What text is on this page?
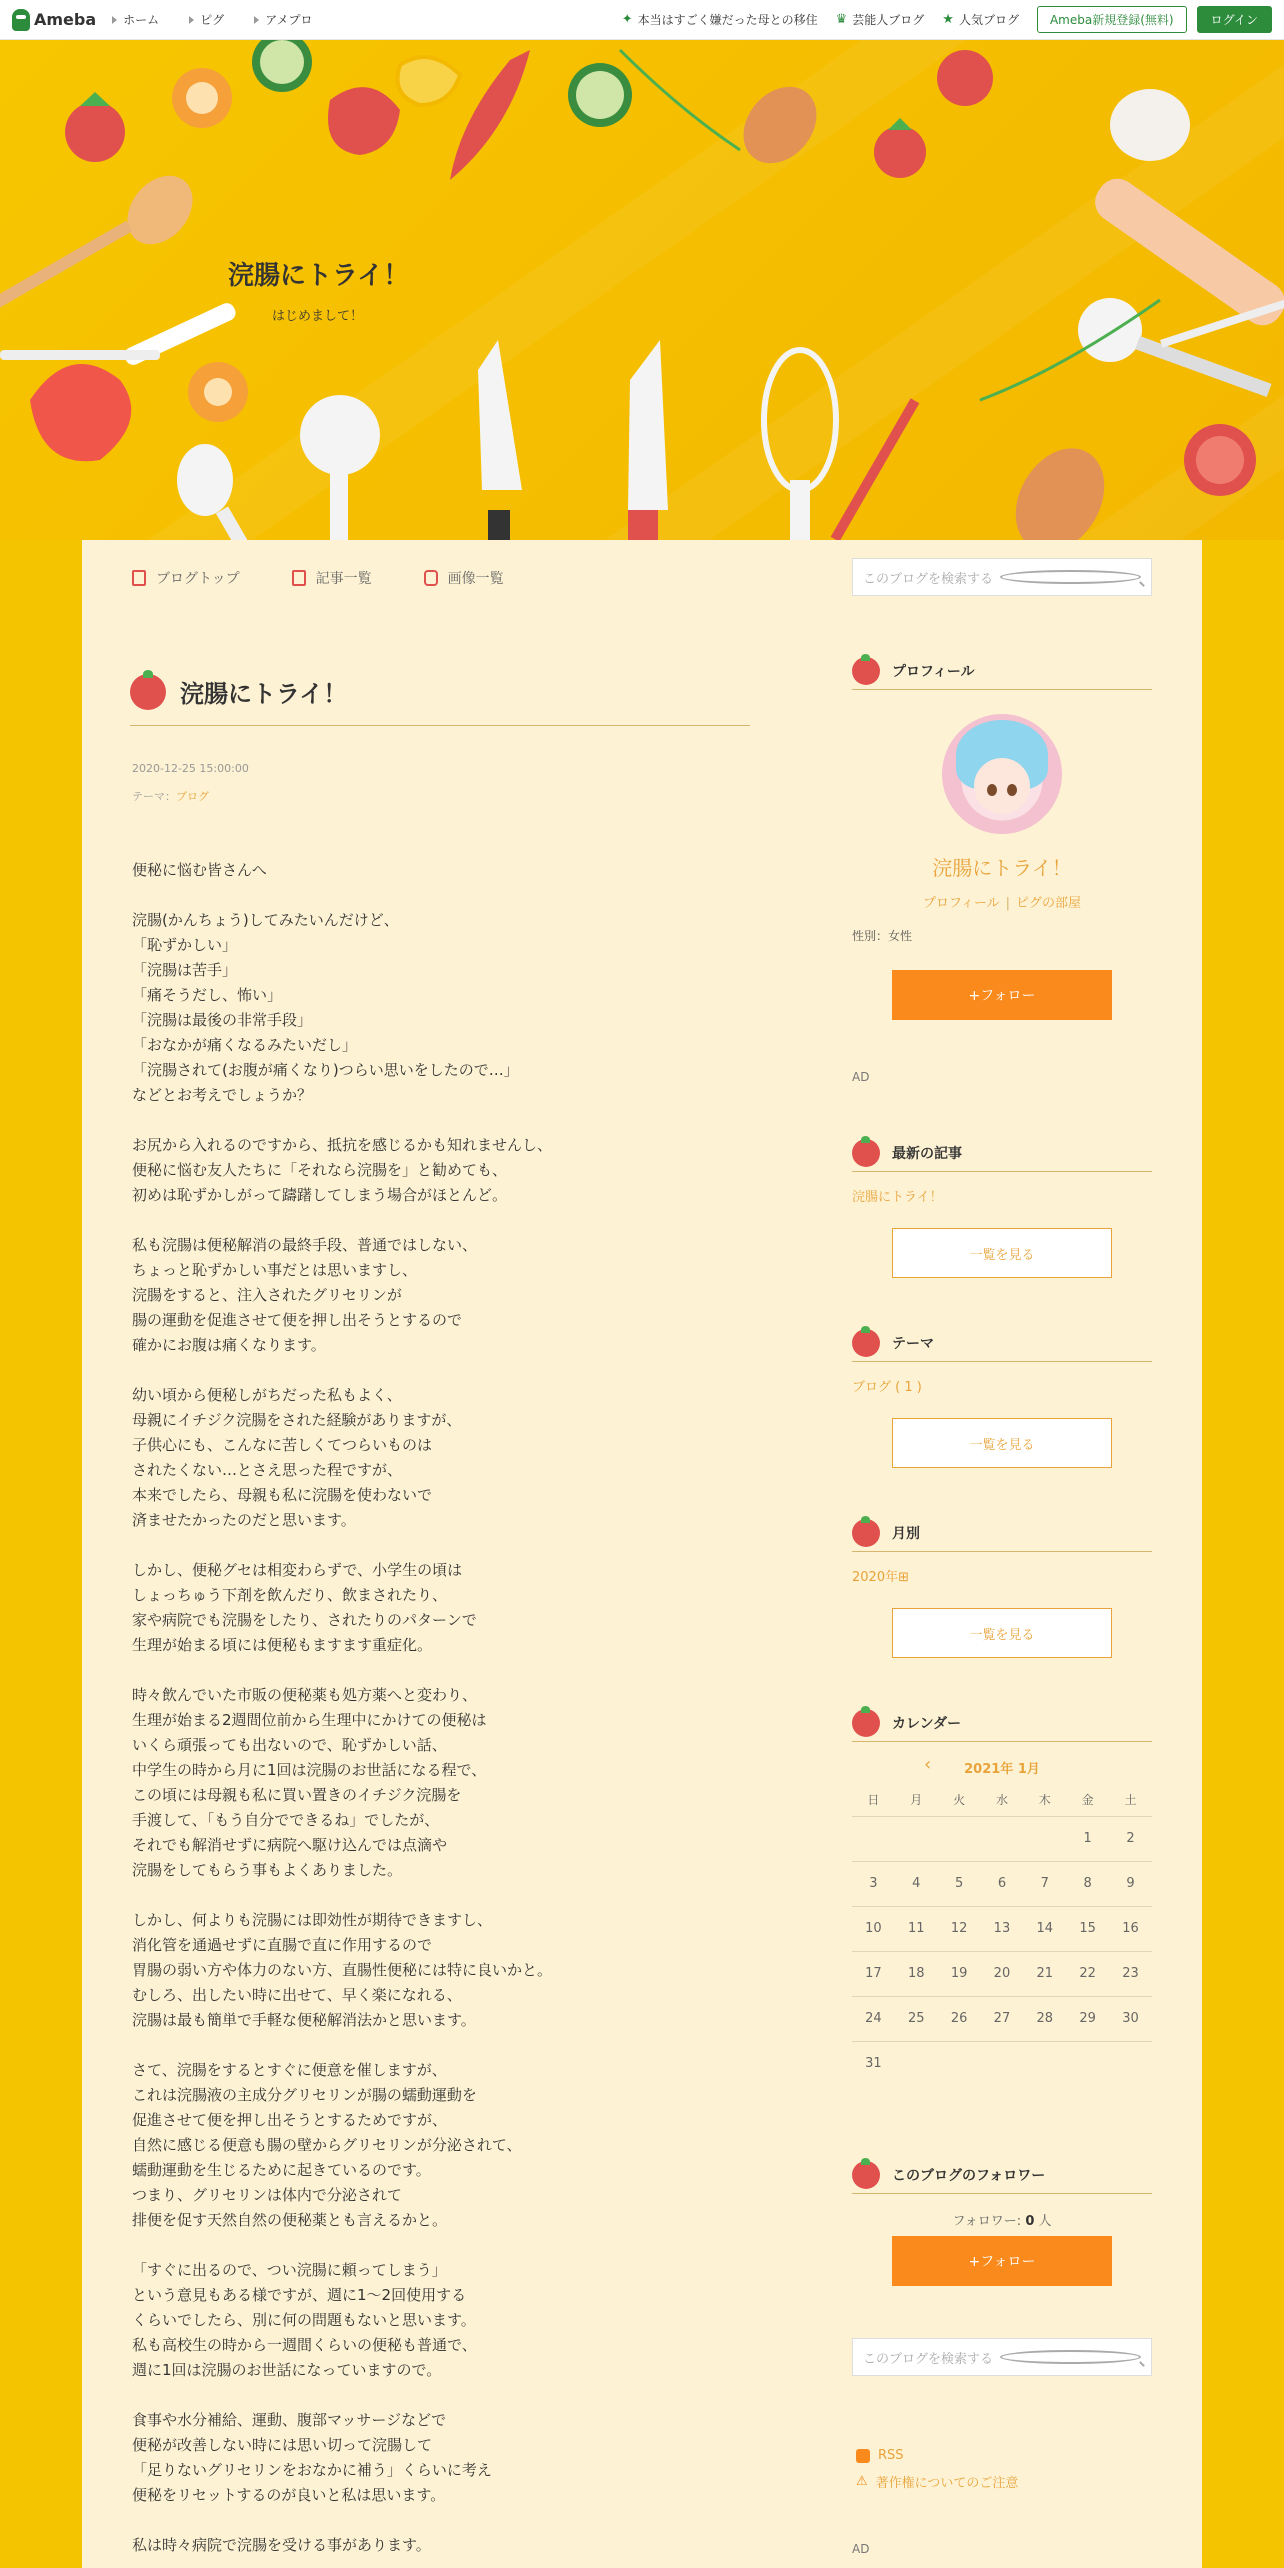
Ameba ホーム	ピグ	アメプロ	✦ 本当はすごく嫌だった母との移住 ♛ 芸能人ブログ ★ 人気ブログ	Ameba新規登録(無料)	ログイン
浣腸にトライ！
はじめまして！
ブログトップ	記事一覧	画像一覧	このブログを検索する
浣腸にトライ！
2020-12-25 15:00:00
テーマ：ブログ

便秘に悩む皆さんへ

浣腸(かんちょう)してみたいんだけど、
「恥ずかしい」
「浣腸は苦手」
「痛そうだし、怖い」
「浣腸は最後の非常手段」
「おなかが痛くなるみたいだし」
「浣腸されて(お腹が痛くなり)つらい思いをしたので…」
などとお考えでしょうか？

お尻から入れるのですから、抵抗を感じるかも知れませんし、
便秘に悩む友人たちに「それなら浣腸を」と勧めても、
初めは恥ずかしがって躊躇してしまう場合がほとんど。

私も浣腸は便秘解消の最終手段、普通ではしない、
ちょっと恥ずかしい事だとは思いますし、
浣腸をすると、注入されたグリセリンが
腸の運動を促進させて便を押し出そうとするので
確かにお腹は痛くなります。

幼い頃から便秘しがちだった私もよく、
母親にイチジク浣腸をされた経験がありますが、
子供心にも、こんなに苦しくてつらいものは
されたくない…とさえ思った程ですが、
本来でしたら、母親も私に浣腸を使わないで
済ませたかったのだと思います。

しかし、便秘グセは相変わらずで、小学生の頃は
しょっちゅう下剤を飲んだり、飲まされたり、
家や病院でも浣腸をしたり、されたりのパターンで
生理が始まる頃には便秘もますます重症化。

時々飲んでいた市販の便秘薬も処方薬へと変わり、
生理が始まる2週間位前から生理中にかけての便秘は
いくら頑張っても出ないので、恥ずかしい話、
中学生の時から月に1回は浣腸のお世話になる程で、
この頃には母親も私に買い置きのイチジク浣腸を
手渡して、「もう自分でできるね」でしたが、
それでも解消せずに病院へ駆け込んでは点滴や
浣腸をしてもらう事もよくありました。

しかし、何よりも浣腸には即効性が期待できますし、
消化管を通過せずに直腸で直に作用するので
胃腸の弱い方や体力のない方、直腸性便秘には特に良いかと。
むしろ、出したい時に出せて、早く楽になれる、
浣腸は最も簡単で手軽な便秘解消法かと思います。

さて、浣腸をするとすぐに便意を催しますが、
これは浣腸液の主成分グリセリンが腸の蠕動運動を
促進させて便を押し出そうとするためですが、
自然に感じる便意も腸の壁からグリセリンが分泌されて、
蠕動運動を生じるために起きているのです。
つまり、グリセリンは体内で分泌されて
排便を促す天然自然の便秘薬とも言えるかと。

「すぐに出るので、つい浣腸に頼ってしまう」
という意見もある様ですが、週に1～2回使用する
くらいでしたら、別に何の問題もないと思います。
私も高校生の時から一週間くらいの便秘も普通で、
週に1回は浣腸のお世話になっていますので。

食事や水分補給、運動、腹部マッサージなどで
便秘が改善しない時には思い切って浣腸して
「足りないグリセリンをおなかに補う」くらいに考え
便秘をリセットするのが良いと私は思います。

私は時々病院で浣腸を受ける事があります。

プロフィール
浣腸にトライ！
プロフィール | ピグの部屋
性別：女性
+フォロー
AD
最新の記事
浣腸にトライ！
一覧を見る
テーマ
ブログ ( 1 )
一覧を見る
月別
2020年⊞
一覧を見る
カレンダー
‹	2021年 1月
日	月	火	水	木	金	土
					1	2
3	4	5	6	7	8	9
10	11	12	13	14	15	16
17	18	19	20	21	22	23
24	25	26	27	28	29	30
31						
このブログのフォロワー
フォロワー: 0 人
+フォロー
このブログを検索する
RSS
⚠ 著作権についてのご注意
AD
